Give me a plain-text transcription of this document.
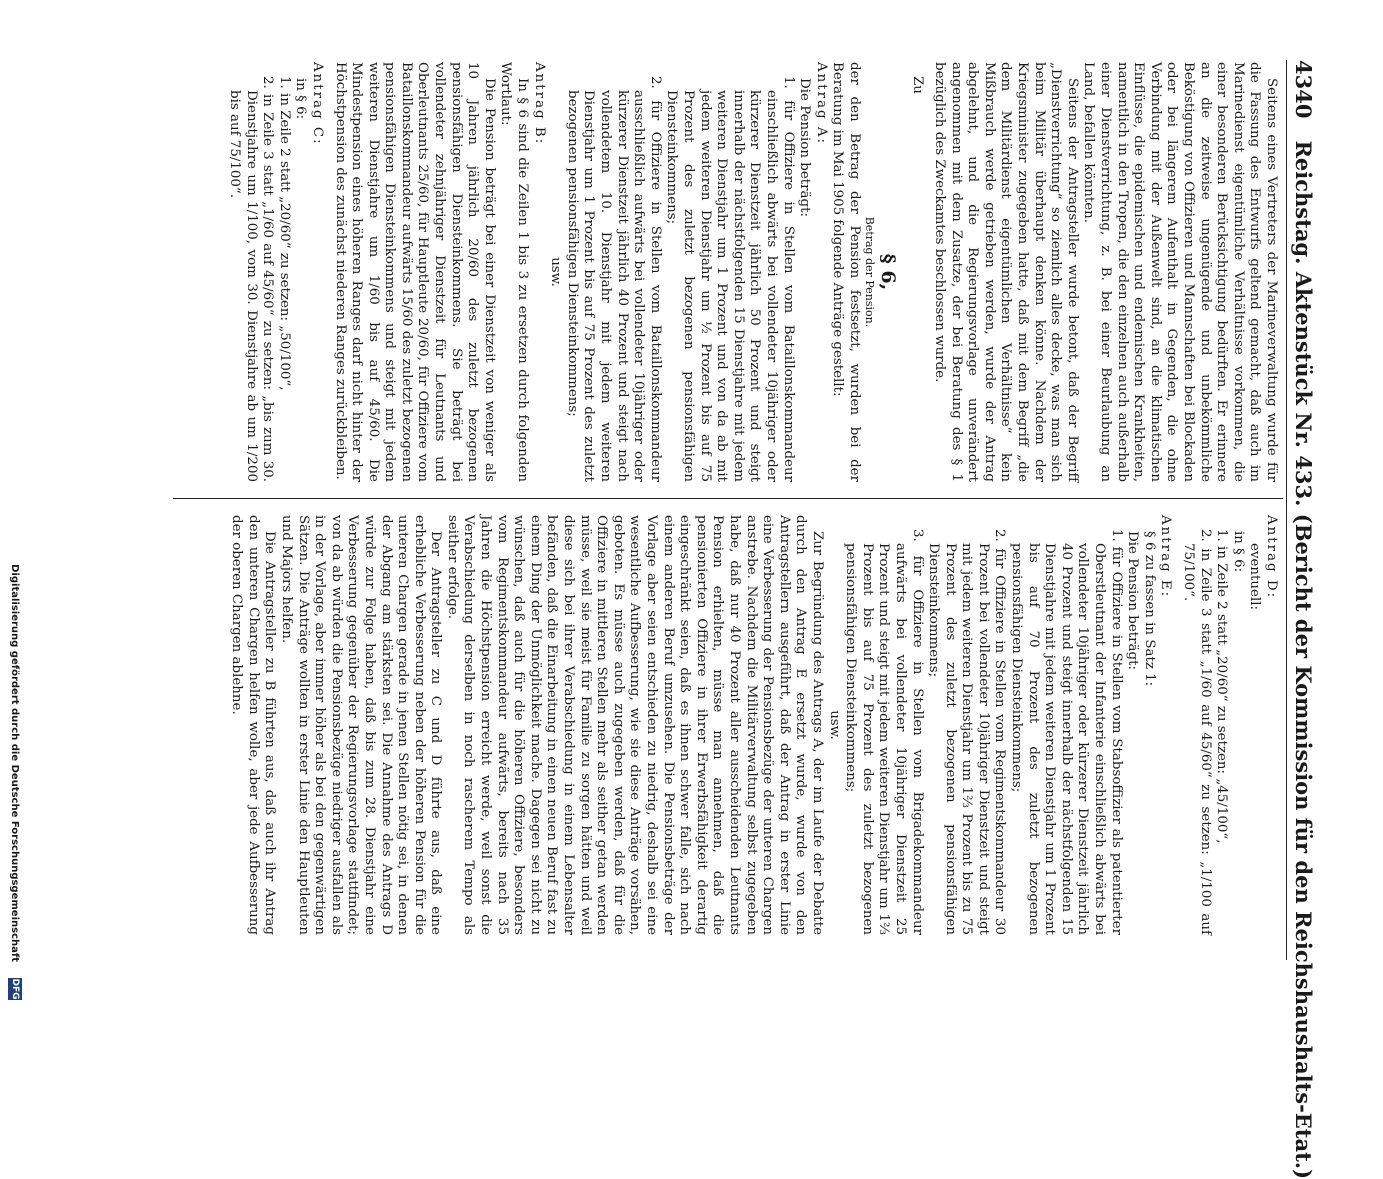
4340
Reichstag. Aktenstück Nr. 433. (Bericht der Kommission für den Reichshaushalts-Etat.)

Seitens eines Vertreters der Marineverwaltung wurde für die Fassung des Entwurfs geltend gemacht, daß auch im Marinedienst eigentümliche Verhältnisse vorkommen, die einer besonderen Berücksichtigung bedürften. Er erinnere an die zeitweise ungenügende und unbekömmliche Beköstigung von Offizieren und Mannschaften bei Blockaden oder bei längerem Aufenthalt in Gegenden, die ohne Verbindung mit der Außenwelt sind, an die klimatischen Einflüsse, die epidemischen und endemischen Krankheiten, namentlich in den Tropen, die den einzelnen auch außerhalb einer Dienstverrichtung, z. B. bei einer Beurlaubung an Land, befallen könnten.

Seitens der Antragsteller wurde betont, daß der Begriff „Dienstverrichtung“ so ziemlich alles decke, was man sich beim Militär überhaupt denken könne. Nachdem der Kriegsminister zugegeben hatte, daß mit dem Begriff „die dem Militärdienst eigentümlichen Verhältnisse“ kein Mißbrauch werde getrieben werden, wurde der Antrag abgelehnt, und die Regierungsvorlage unverändert angenommen mit dem Zusatze, der bei Beratung des § 1 bezüglich des Zweckamtes beschlossen wurde.

Zu

§ 6,
Betrag der Pension.

der den Betrag der Pension festsetzt, wurden bei der Beratung im Mai 1905 folgende Anträge gestellt:

Antrag A:

Die Pension beträgt:

1. für Offiziere in Stellen vom Bataillonskommandeur einschließlich abwärts bei vollendeter 10jähriger oder kürzerer Dienstzeit jährlich 50 Prozent und steigt innerhalb der nächstfolgenden 15 Dienstjahre mit jedem weiteren Dienstjahr um 1 Prozent und von da ab mit jedem weiteren Dienstjahr um ½ Prozent bis auf 75 Prozent des zuletzt bezogenen pensionsfähigen Diensteinkommens;

2. für Offiziere in Stellen vom Bataillonskommandeur ausschließlich aufwärts bei vollendeter 10jähriger oder kürzerer Dienstzeit jährlich 40 Prozent und steigt nach vollendetem 10. Dienstjahr mit jedem weiteren Dienstjahr um 1 Prozent bis auf 75 Prozent des zuletzt bezogenen pensionsfähigen Diensteinkommens;

usw.

Antrag B:

In § 6 sind die Zeilen 1 bis 3 zu ersetzen durch folgenden Wortlaut:

Die Pension beträgt bei einer Dienstzeit von weniger als 10 Jahren jährlich 20/60 des zuletzt bezogenen pensionsfähigen Diensteinkommens. Sie beträgt bei vollendeter zehnjähriger Dienstzeit für Leutnants und Oberleutnants 25/60, für Hauptleute 20/60, für Offiziere vom Bataillonskommandeur aufwärts 15/60 des zuletzt bezogenen pensionsfähigen Diensteinkommens und steigt mit jedem weiteren Dienstjahre um 1/60 bis auf 45/60. Die Mindestpension eines höheren Ranges darf nicht hinter der Höchstpension des zunächst niederen Ranges zurückbleiben.

Antrag C:

in § 6:

1. in Zeile 2 statt „20/60“ zu setzen: „50/100“,

2. in Zeile 3 statt „1/60 auf 45/60“ zu setzen: „bis zum 30. Dienstjahre um 1/100, vom 30. Dienstjahre ab um 1/200 bis auf 75/100“.

Antrag D:

eventuell:

in § 6:

1. in Zeile 2 statt „20/60“ zu setzen: „45/100“,

2. in Zeile 3 statt „1/60 auf 45/60“ zu setzen: „1/100 auf 75/100“.

Antrag E:

§ 6 zu fassen in Satz 1:

Die Pension beträgt:

1. für Offiziere in Stellen vom Stabsoffizier als patentierter Oberstleutnant der Infanterie einschließlich abwärts bei vollendeter 10jähriger oder kürzerer Dienstzeit jährlich 40 Prozent und steigt innerhalb der nächstfolgenden 15 Dienstjahre mit jedem weiteren Dienstjahr um 1 Prozent bis auf 70 Prozent des zuletzt bezogenen pensionsfähigen Diensteinkommens;

2. für Offiziere in Stellen vom Regimentskommandeur 30 Prozent bei vollendeter 10jähriger Dienstzeit und steigt mit jedem weiteren Dienstjahr um 1⅔ Prozent bis zu 75 Prozent des zuletzt bezogenen pensionsfähigen Diensteinkommens;

3. für Offiziere in Stellen vom Brigadekommandeur aufwärts bei vollendeter 10jähriger Dienstzeit 25 Prozent und steigt mit jedem weiteren Dienstjahr um 1⅔ Prozent bis auf 75 Prozent des zuletzt bezogenen pensionsfähigen Diensteinkommens;

usw.

Zur Begründung des Antrags A, der im Laufe der Debatte durch den Antrag E ersetzt wurde, wurde von den Antragstellern ausgeführt, daß der Antrag in erster Linie eine Verbesserung der Pensionsbezüge der unteren Chargen anstrebe. Nachdem die Militärverwaltung selbst zugegeben habe, daß nur 40 Prozent aller ausscheidenden Leutnants Pension erhielten, müsse man annehmen, daß die pensionierten Offiziere in ihrer Erwerbsfähigkeit derartig eingeschränkt seien, daß es ihnen schwer falle, sich nach einem anderen Beruf umzusehen. Die Pensionsbeträge der Vorlage aber seien entschieden zu niedrig, deshalb sei eine wesentliche Aufbesserung, wie sie diese Anträge vorsähen, geboten. Es müsse auch zugegeben werden, daß für die Offiziere in mittleren Stellen mehr als seither getan werden müsse, weil sie meist für Familie zu sorgen hätten und weil diese sich bei ihrer Verabschiedung in einem Lebensalter befänden, daß die Einarbeitung in einen neuen Beruf fast zu einem Ding der Unmöglichkeit mache. Dagegen sei nicht zu wünschen, daß auch für die höheren Offiziere, besonders vom Regimentskommandeur aufwärts, bereits nach 35 Jahren die Höchstpension erreicht werde, weil sonst die Verabschiedung derselben in noch rascherem Tempo als seither erfolge.

Der Antragsteller zu C und D führte aus, daß eine erhebliche Verbesserung neben der höheren Pension für die unteren Chargen gerade in jenen Stellen nötig sei, in denen der Abgang am stärksten sei. Die Annahme des Antrags D würde zur Folge haben, daß bis zum 28. Dienstjahr eine Verbesserung gegenüber der Regierungsvorlage stattfindet; von da ab würden die Pensionsbezüge niedriger ausfallen als in der Vorlage, aber immer höher als bei den gegenwärtigen Sätzen. Die Anträge wollten in erster Linie den Hauptleuten und Majors helfen.

Die Antragsteller zu B führten aus, daß auch ihr Antrag den unteren Chargen helfen wolle, aber jede Aufbesserung der oberen Chargen ablehne.

Digitalisierung gefördert durch die Deutsche Forschungsgemeinschaft
DFG
